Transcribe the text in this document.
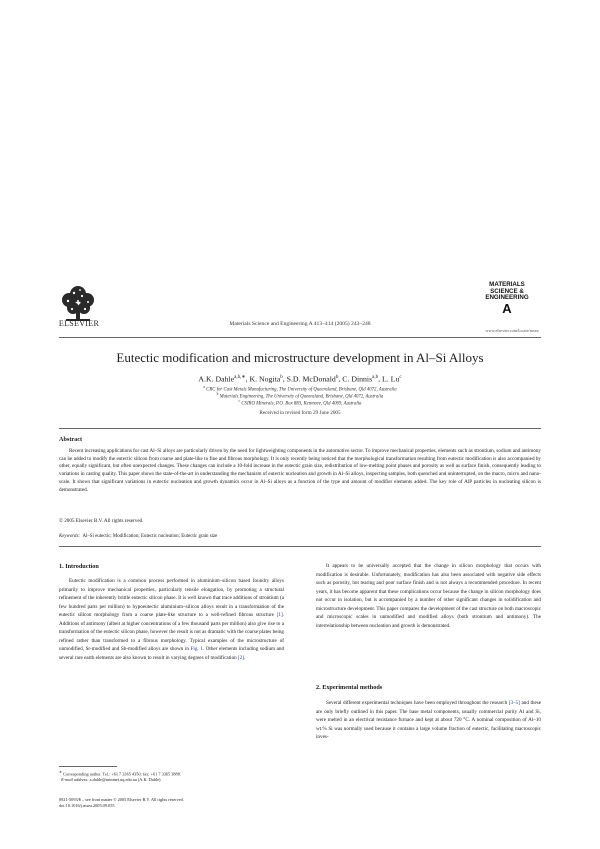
ELSEVIER	Materials Science and Engineering A 413–414 (2005) 243–248
MATERIALS
SCIENCE &
ENGINEERING
A
www.elsevier.com/locate/msea
Eutectic modification and microstructure development in Al–Si Alloys
A.K. Dahle$^{a,b,∗}$, K. Nogita$^b$, S.D. McDonald$^b$, C. Dinnis$^{a,b}$, L. Lu$^c$
$^a$ CRC for Cast Metals Manufacturing, The University of Queensland, Brisbane, Qld 4072, Australia
$^b$ Materials Engineering, The University of Queensland, Brisbane, Qld 4072, Australia
$^c$ CSIRO Minerals, P.O. Box 883, Kenmore, Qld 4069, Australia
Received in revised form 29 June 2005
Abstract

Recent increasing applications for cast Al–Si alloys are particularly driven by the need for lightweighting components in the automotive sector. To improve mechanical properties, elements such as strontium, sodium and antimony can be added to modify the eutectic silicon from coarse and plate-like to fine and fibrous morphology. It is only recently being noticed that the morphological transformation resulting from eutectic modification is also accompanied by other, equally significant, but often unexpected changes. These changes can include a 10-fold increase in the eutectic grain size, redistribution of low-melting point phases and porosity as well as surface finish, consequently leading to variations in casting quality. This paper shows the state-of-the-art in understanding the mechanism of eutectic nucleation and growth in Al–Si alloys, inspecting samples, both quenched and uninterrupted, on the macro, micro and nano-scale. It shows that significant variations in eutectic nucleation and growth dynamics occur in Al–Si alloys as a function of the type and amount of modifier elements added. The key role of AlP particles in nucleating silicon is demonstrated.

© 2005 Elsevier B.V. All rights reserved.
Keywords: Al–Si eutectic; Modification; Eutectic nucleation; Eutectic grain size
1. Introduction

Eutectic modification is a common process performed in aluminium–silicon based foundry alloys primarily to improve mechanical properties, particularly tensile elongation, by promoting a structural refinement of the inherently brittle eutectic silicon phase. It is well known that trace additions of strontium (a few hundred parts per million) to hypoeutectic aluminium–silicon alloys result in a transformation of the eutectic silicon morphology from a coarse plate-like structure to a well-refined fibrous structure [1]. Additions of antimony (albeit at higher concentrations of a few thousand parts per million) also give rise to a transformation of the eutectic silicon phase, however the result is not as dramatic with the coarse plates being refined rather than transformed to a fibrous morphology. Typical examples of the microstructure of unmodified, Sr-modified and Sb-modified alloys are shown in Fig. 1. Other elements including sodium and several rare earth elements are also known to result in varying degrees of modification [2].

It appears to be universally accepted that the change in silicon morphology that occurs with modification is desirable. Unfortunately, modification has also been associated with negative side effects such as porosity, hot tearing and poor surface finish and is not always a recommended procedure. In recent years, it has become apparent that these complications occur because the change in silicon morphology does not occur in isolation, but is accompanied by a number of other significant changes in solidification and microstructure development. This paper compares the development of the cast structure on both macroscopic and microscopic scales in unmodified and modified alloys (both strontium and antimony). The interrelationship between nucleation and growth is demonstrated.

2. Experimental methods

Several different experimental techniques have been employed throughout the research [3–5] and these are only briefly outlined in this paper. The base metal components, usually commercial purity Al and Si, were melted in an electrical resistance furnace and kept at about 720 °C. A nominal composition of Al–10 wt.% Si was normally used because it contains a large volume fraction of eutectic, facilitating macroscopic inves-

∗ Corresponding author. Tel.: +61 7 3365 4350; fax: +61 7 3365 3888.
E-mail address: a.dahle@minmet.uq.edu.au (A.K. Dahle).
0921-5093/$ – see front matter © 2005 Elsevier B.V. All rights reserved.
doi:10.1016/j.msea.2005.09.055
